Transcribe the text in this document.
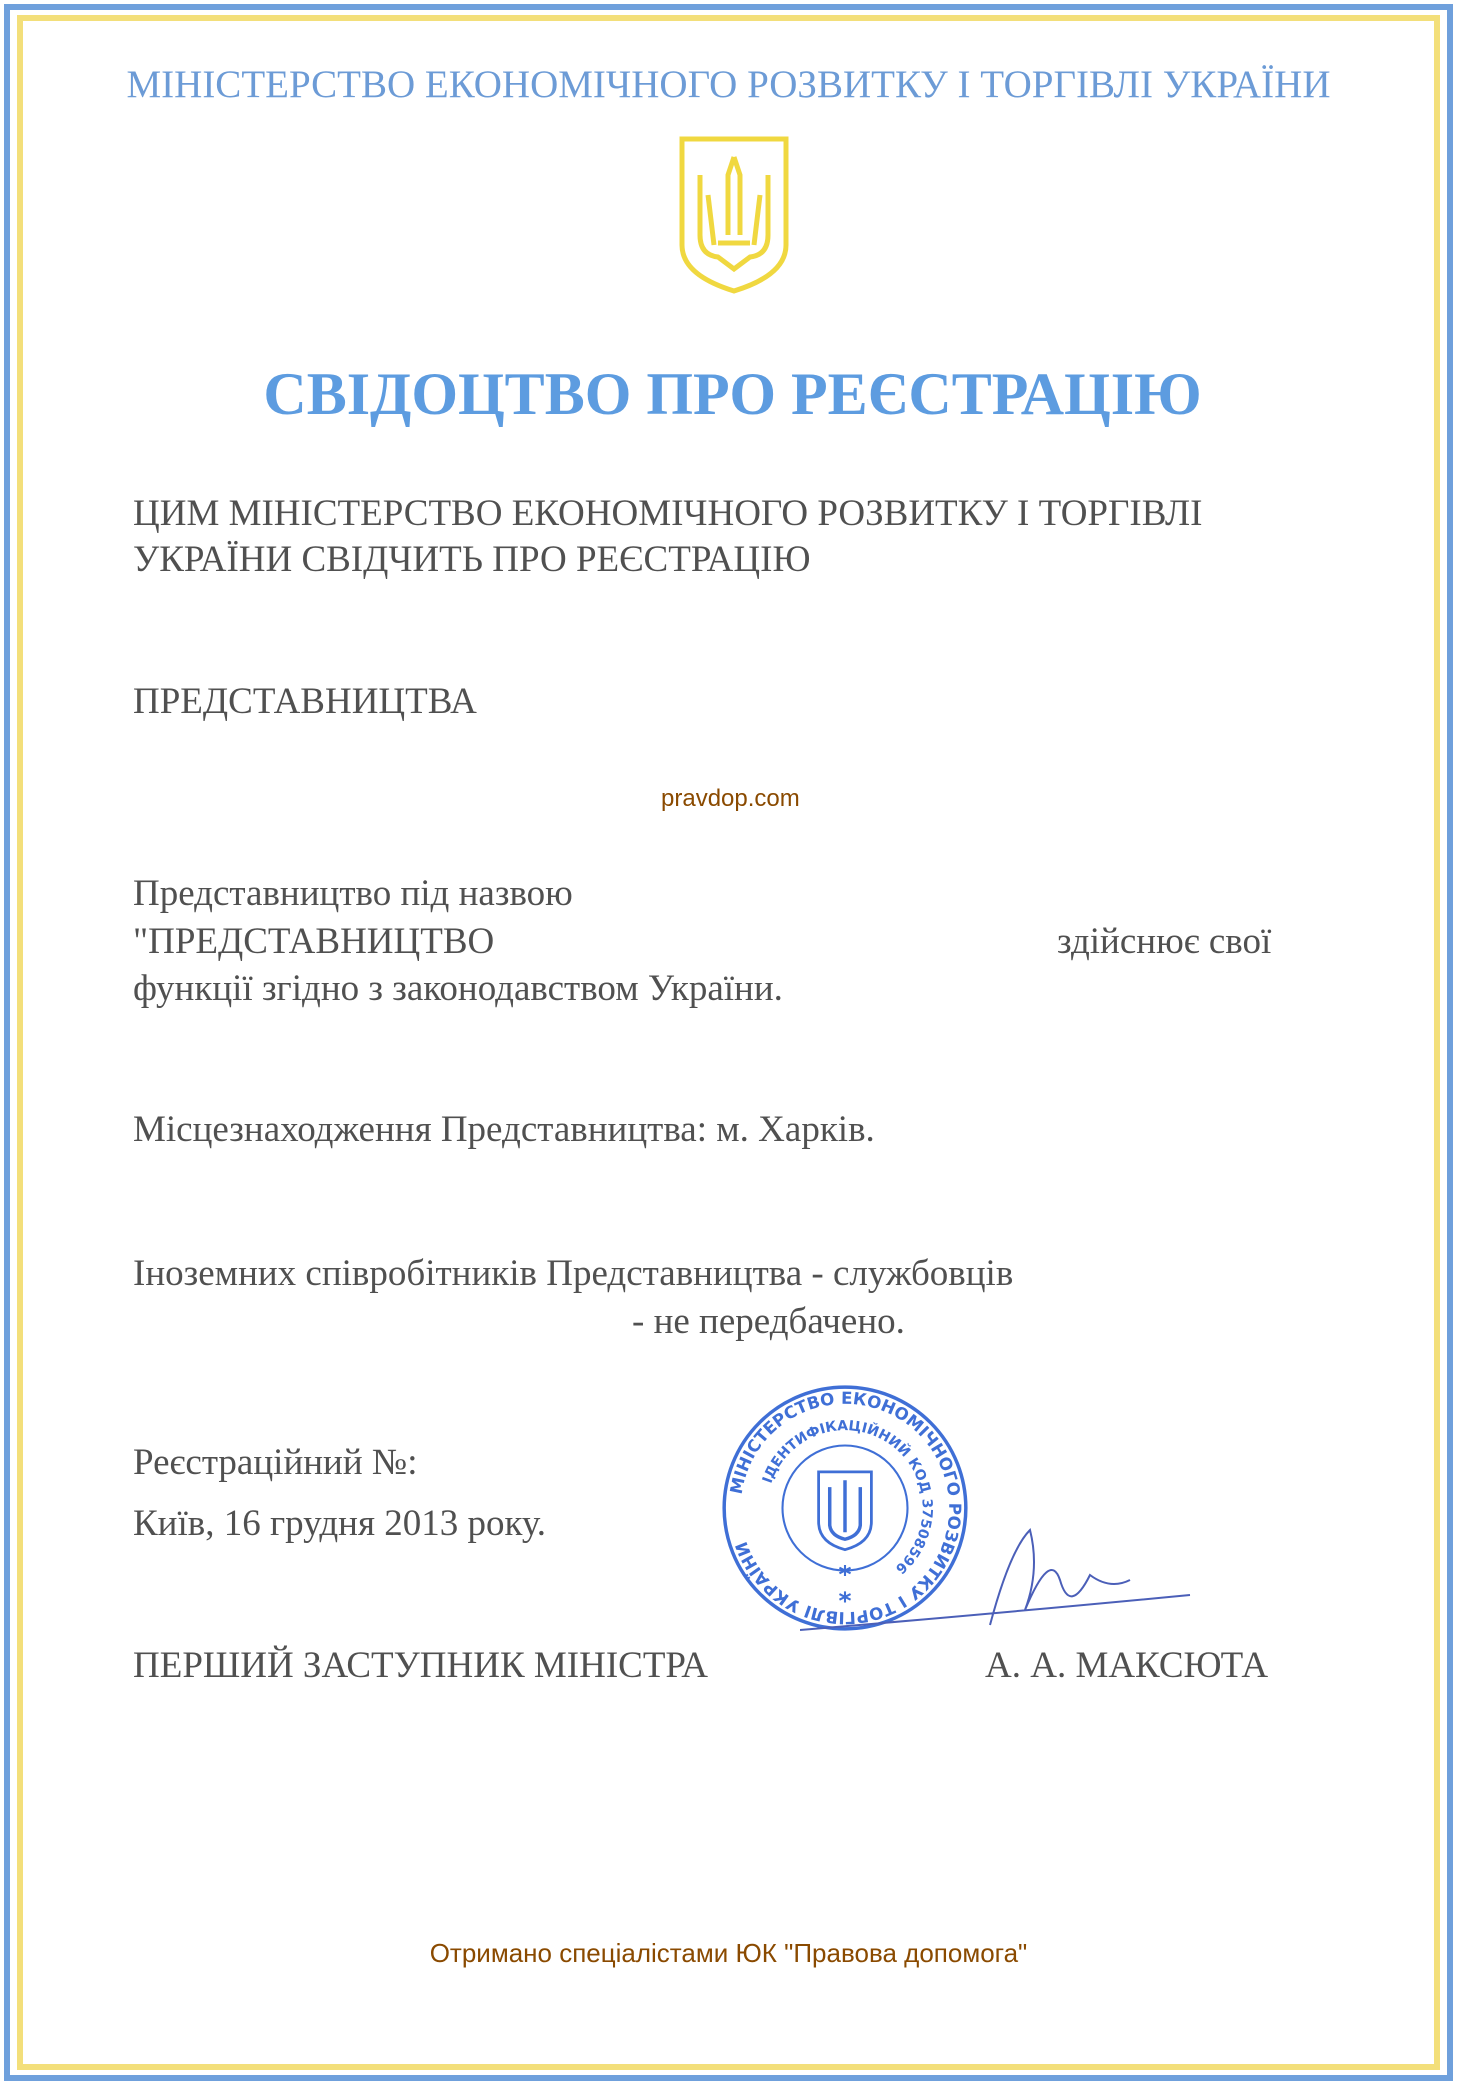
МІНІСТЕРСТВО ЕКОНОМІЧНОГО РОЗВИТКУ І ТОРГІВЛІ УКРАЇНИ
СВІДОЦТВО ПРО РЕЄСТРАЦІЮ
ЦИМ МІНІСТЕРСТВО ЕКОНОМІЧНОГО РОЗВИТКУ І ТОРГІВЛІ
УКРАЇНИ СВІДЧИТЬ ПРО РЕЄСТРАЦІЮ
ПРЕДСТАВНИЦТВА
pravdop.com
Представництво під назвою
"ПРЕДСТАВНИЦТВО	здійснює свої
функції згідно з законодавством України.
Місцезнаходження Представництва: м. Харків.
Іноземних співробітників Представництва - службовців
- не передбачено.
Реєстраційний №:
Київ, 16 грудня 2013 року.
МІНІСТЕРСТВО ЕКОНОМІЧНОГО РОЗВИТКУ І ТОРГІВЛІ УКРАЇНИІДЕНТИФІКАЦІЙНИЙ КОД 37508596
ПЕРШИЙ ЗАСТУПНИК МІНІСТРА	А. А. МАКСЮТА
Отримано спеціалістами ЮК "Правова допомога"
